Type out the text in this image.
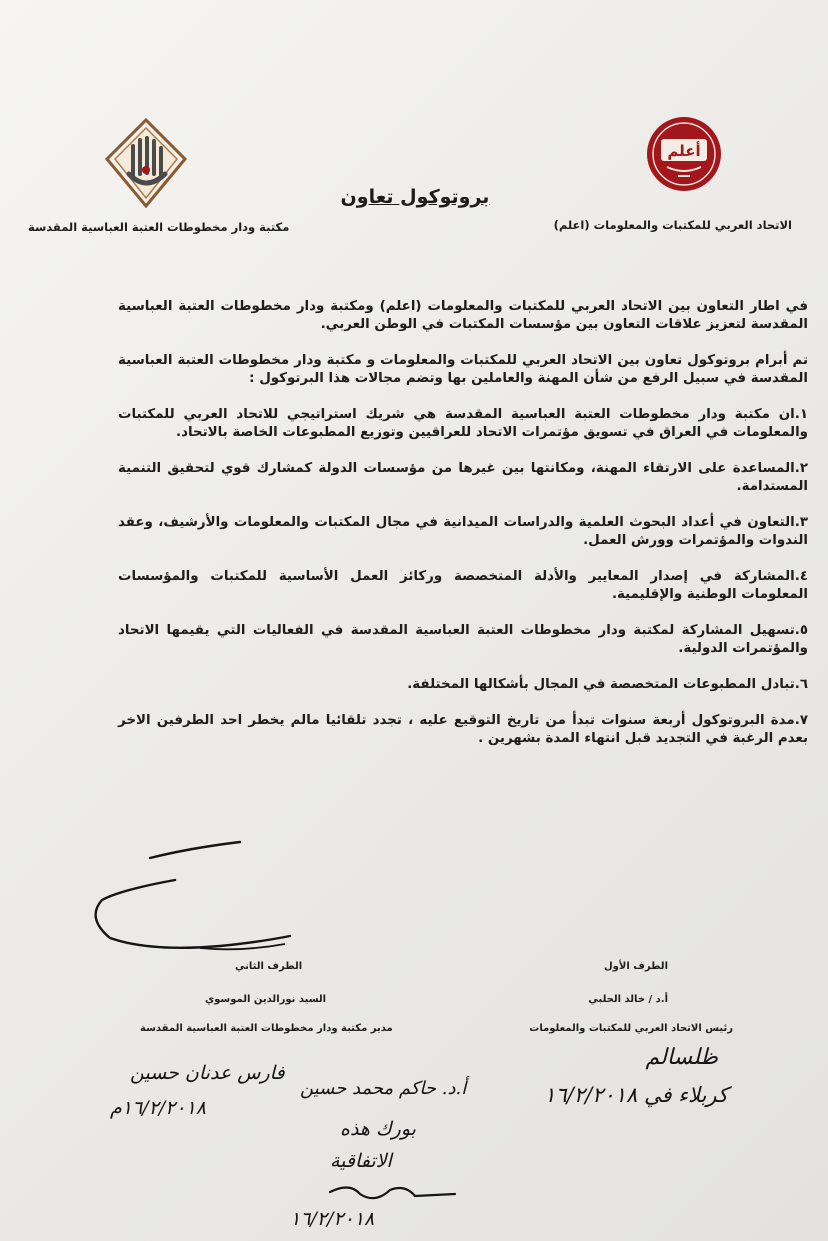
أعلم
الاتحاد العربي للمكتبات والمعلومات (اعلم)
مكتبة ودار مخطوطات العتبة العباسية المقدسة
بروتوكول تعاون

في اطار التعاون بين الاتحاد العربي للمكتبات والمعلومات (اعلم) ومكتبة ودار مخطوطات العتبة العباسية المقدسة لتعزيز علاقات التعاون بين مؤسسات المكتبات في الوطن العربي.

تم أبرام بروتوكول تعاون بين الاتحاد العربي للمكتبات والمعلومات و مكتبة ودار مخطوطات العتبة العباسية المقدسة في سبيل الرفع من شأن المهنة والعاملين بها وتضم مجالات هذا البرتوكول :

١.ان مكتبة ودار مخطوطات العتبة العباسية المقدسة هي شريك استراتيجي للاتحاد العربي للمكتبات والمعلومات في العراق في تسويق مؤتمرات الاتحاد للعراقيين وتوزيع المطبوعات الخاصة بالاتحاد.

٢.المساعدة على الارتقاء المهنة، ومكانتها بين غيرها من مؤسسات الدولة كمشارك قوي لتحقيق التنمية المستدامة.

٣.التعاون في أعداد البحوث العلمية والدراسات الميدانية في مجال المكتبات والمعلومات والأرشيف، وعقد الندوات والمؤتمرات وورش العمل.

٤.المشاركة في إصدار المعايير والأدلة المتخصصة وركائز العمل الأساسية للمكتبات والمؤسسات المعلومات الوطنية والإقليمية.

٥.تسهيل المشاركة لمكتبة ودار مخطوطات العتبة العباسية المقدسة في الفعاليات التي يقيمها الاتحاد والمؤتمرات الدولية.

٦.تبادل المطبوعات المتخصصة في المجال بأشكالها المختلفة.

٧.مدة البروتوكول أربعة سنوات تبدأ من تاريخ التوقيع عليه ، تجدد تلقائيا مالم يخطر احد الطرفين الاخر بعدم الرغبة في التجديد قبل انتهاء المدة بشهرين .

الطرف الأول
أ.د / خالد الحلبي
رئيس الاتحاد العربي للمكتبات والمعلومات
الطرف الثاني
السيد نورالدين الموسوي
مدير مكتبة ودار مخطوطات العتبة العباسية المقدسة
ظلسالم
كربلاء في ١٦/٢/٢٠١٨
فارس عدنان حسين
١٦/٢/٢٠١٨م
أ.د. حاكم محمد حسين
بورك هذه
الاتفاقية
١٦/٢/٢٠١٨
